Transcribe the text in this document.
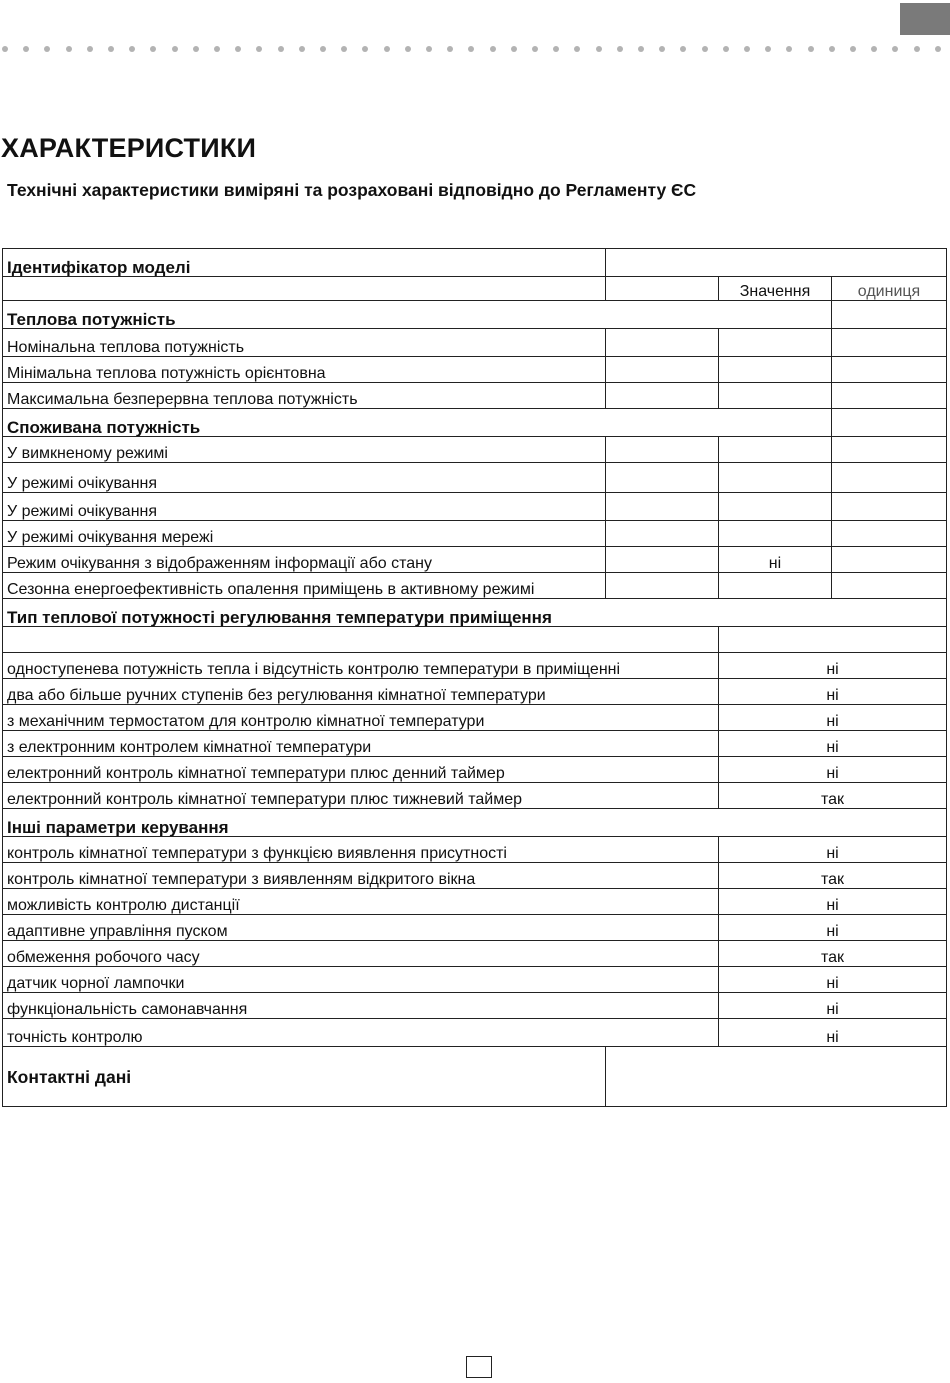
ХАРАКТЕРИСТИКИ
Технічні характеристики виміряні та розраховані відповідно до Регламенту ЄС
Ідентифікатор моделі			
		Значення	одиниця
Теплова потужність			
Номінальна теплова потужність			
Мінімальна теплова потужність орієнтовна			
Максимальна безперервна теплова потужність			
Споживана потужність			
У вимкненому режимі			
У режимі очікування			
У режимі очікування			
У режимі очікування мережі			
Режим очікування з відображенням інформації або стану		ні	
Сезонна енергоефективність опалення приміщень в активному режимі			
Тип теплової потужності регулювання температури приміщення			

одноступенева потужність тепла і відсутність контролю температури в приміщенні		ні	
два або більше ручних ступенів без регулювання кімнатної температури		ні	
з механічним термостатом для контролю кімнатної температури		ні	
з електронним контролем кімнатної температури		ні	
електронний контроль кімнатної температури плюс денний таймер		ні	
електронний контроль кімнатної температури плюс тижневий таймер		так	
Інші параметри керування			
контроль кімнатної температури з функцією виявлення присутності		ні	
контроль кімнатної температури з виявленням відкритого вікна		так	
можливість контролю дистанції		ні	
адаптивне управління пуском		ні	
обмеження робочого часу		так	
датчик чорної лампочки		ні	
функціональність самонавчання		ні	
точність контролю		ні	
Контактні дані			
